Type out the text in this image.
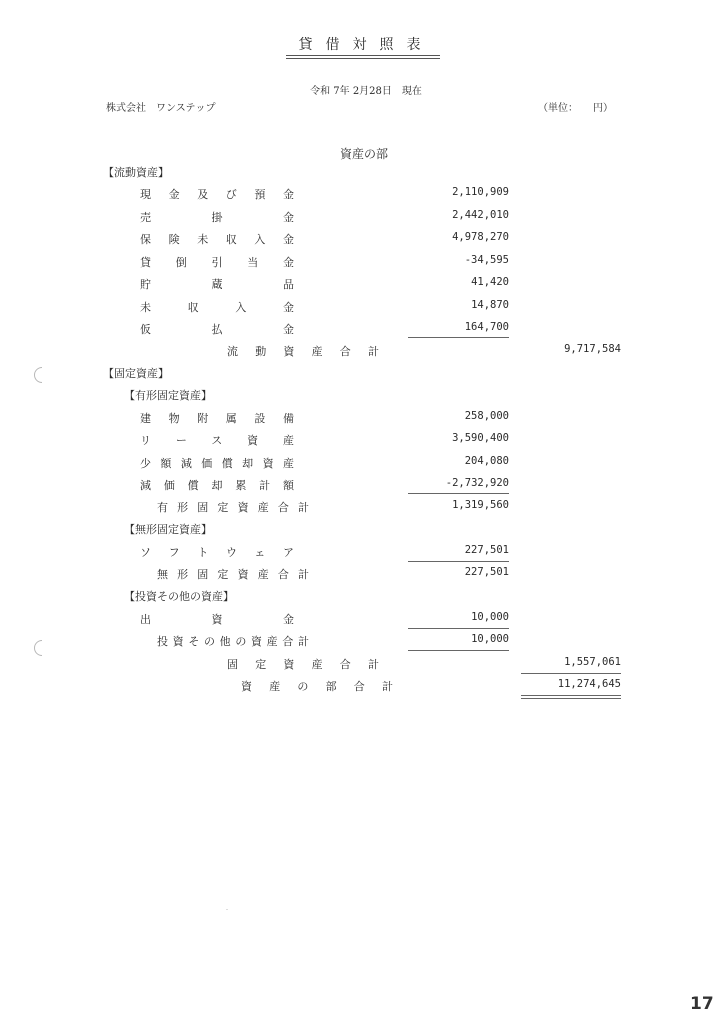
貸借対照表
令和 7年 2月28日　現在
株式会社　ワンステップ	（単位：　　円）
資産の部
【流動資産】
現金及び預金	2,110,909
売掛金	2,442,010
保険未収入金	4,978,270
貸倒引当金	-34,595
貯蔵品	41,420
未収入金	14,870
仮払金	164,700
流動資産合計	9,717,584
【固定資産】
【有形固定資産】
建物附属設備	258,000
リース資産	3,590,400
少額減価償却資産	204,080
減価償却累計額	-2,732,920
有形固定資産合計	1,319,560
【無形固定資産】
ソフトウェア	227,501
無形固定資産合計	227,501
【投資その他の資産】
出資金	10,000
投資その他の資産合計	10,000
固定資産合計	1,557,061
資産の部合計	11,274,645
17
